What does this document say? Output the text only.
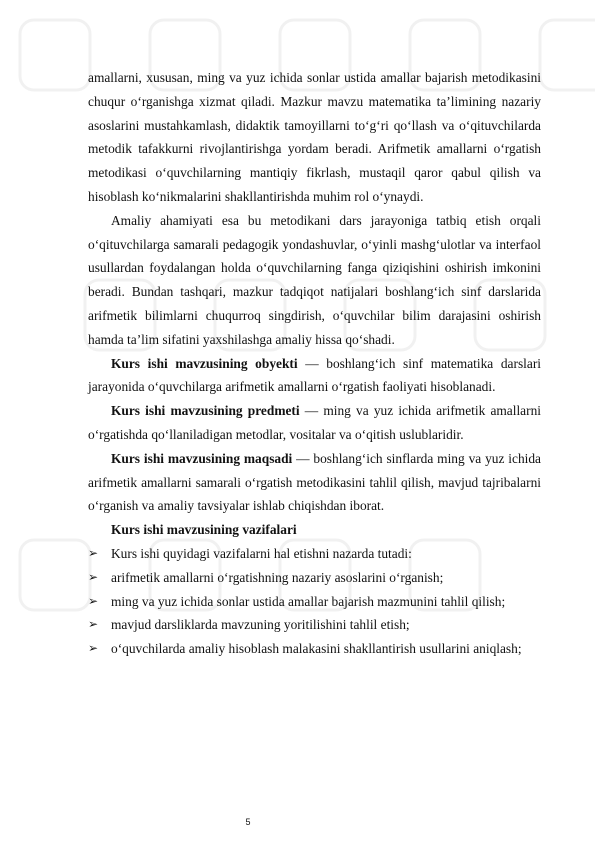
amallarni, xususan, ming va yuz ichida sonlar ustida amallar bajarish metodikasini chuqur o‘rganishga xizmat qiladi. Mazkur mavzu matematika ta’limining nazariy asoslarini mustahkamlash, didaktik tamoyillarni to‘g‘ri qo‘llash va o‘qituvchilarda metodik tafakkurni rivojlantirishga yordam beradi. Arifmetik amallarni o‘rgatish metodikasi o‘quvchilarning mantiqiy fikrlash, mustaqil qaror qabul qilish va hisoblash ko‘nikmalarini shakllantirishda muhim rol o‘ynaydi.

Amaliy ahamiyati esa bu metodikani dars jarayoniga tatbiq etish orqali o‘qituvchilarga samarali pedagogik yondashuvlar, o‘yinli mashg‘ulotlar va interfaol usullardan foydalangan holda o‘quvchilarning fanga qiziqishini oshirish imkonini beradi. Bundan tashqari, mazkur tadqiqot natijalari boshlang‘ich sinf darslarida arifmetik bilimlarni chuqurroq singdirish, o‘quvchilar bilim darajasini oshirish hamda ta’lim sifatini yaxshilashga amaliy hissa qo‘shadi.

Kurs ishi mavzusining obyekti — boshlang‘ich sinf matematika darslari jarayonida o‘quvchilarga arifmetik amallarni o‘rgatish faoliyati hisoblanadi.

Kurs ishi mavzusining predmeti — ming va yuz ichida arifmetik amallarni o‘rgatishda qo‘llaniladigan metodlar, vositalar va o‘qitish uslublaridir.

Kurs ishi mavzusining maqsadi — boshlang‘ich sinflarda ming va yuz ichida arifmetik amallarni samarali o‘rgatish metodikasini tahlil qilish, mavjud tajribalarni o‘rganish va amaliy tavsiyalar ishlab chiqishdan iborat.

Kurs ishi mavzusining vazifalari

➢ Kurs ishi quyidagi vazifalarni hal etishni nazarda tutadi:
➢ arifmetik amallarni o‘rgatishning nazariy asoslarini o‘rganish;
➢ ming va yuz ichida sonlar ustida amallar bajarish mazmunini tahlil qilish;
➢ mavjud darsliklarda mavzuning yoritilishini tahlil etish;
➢ o‘quvchilarda amaliy hisoblash malakasini shakllantirish usullarini aniqlash;
5
